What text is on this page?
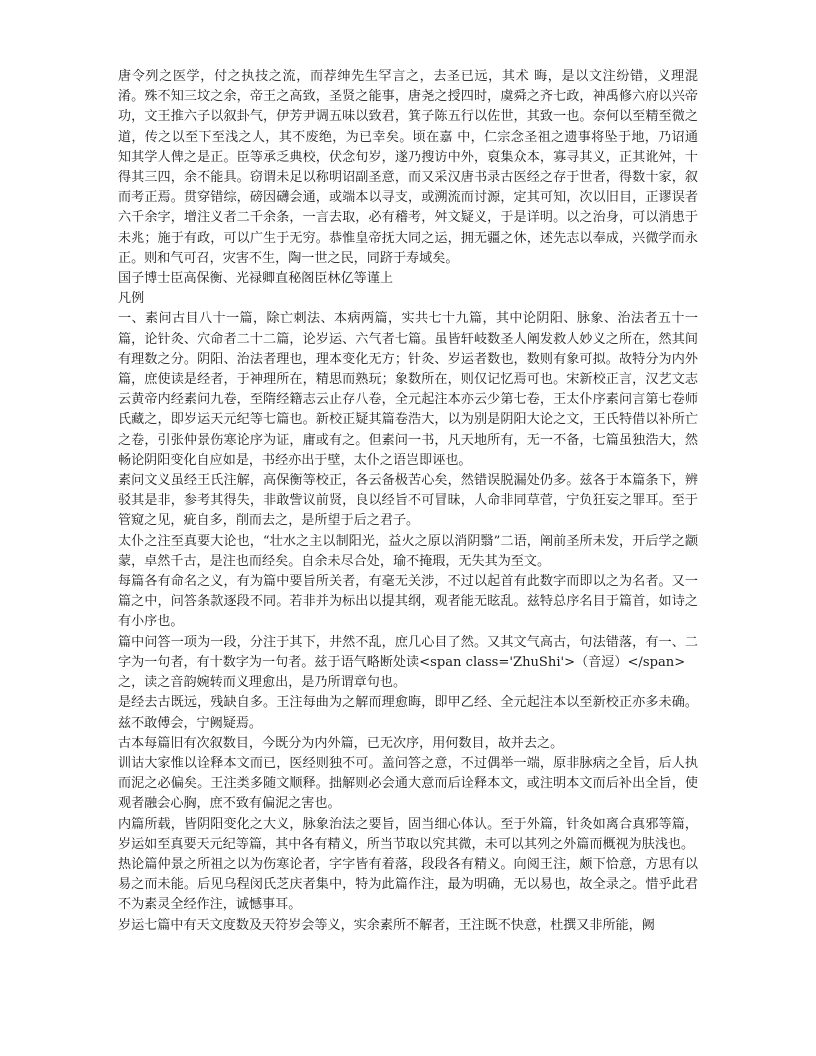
唐令列之医学，付之执技之流，而荐绅先生罕言之，去圣已远，其术 晦，是以文注纷错，义理混淆。殊不知三坟之余，帝王之高致，圣贤之能事，唐尧之授四时，虞舜之齐七政，神禹修六府以兴帝功，文王推六子以叙卦气，伊芳尹调五味以致君，箕子陈五行以佐世，其致一也。奈何以至精至微之道，传之以至下至浅之人，其不废绝，为已幸矣。顷在嘉 中，仁宗念圣祖之遗事将坠于地，乃诏通知其学人俾之是正。臣等承乏典校，伏念旬岁，遂乃搜访中外，裒集众本，寡寻其义，正其讹舛，十得其三四，余不能具。窃谓未足以称明诏副圣意，而又采汉唐书录古医经之存于世者，得数十家，叙而考正焉。贯穿错综，磅因礴会通，或端本以寻支，或溯流而讨源，定其可知，次以旧目，正谬误者六千余字，增注义者二千余条，一言去取，必有稽考，舛文疑义，于是详明。以之治身，可以消患于未兆；施于有政，可以广生于无穷。恭惟皇帝抚大同之运，拥无疆之休，述先志以奉成，兴微学而永正。则和气可召，灾害不生，陶一世之民，同跻于寿域矣。

国子博士臣高保衡、光禄卿直秘阁臣林亿等谨上

凡例

一、素问古目八十一篇，除亡刺法、本病两篇，实共七十九篇，其中论阴阳、脉象、治法者五十一篇，论针灸、穴命者二十二篇，论岁运、六气者七篇。虽皆轩岐数圣人阐发救人妙义之所在，然其间有理数之分。阴阳、治法者理也，理本变化无方；针灸、岁运者数也，数则有象可拟。故特分为内外篇，庶使读是经者，于神理所在，精思而熟玩；象数所在，则仅记忆焉可也。宋新校正言，汉艺文志云黄帝内经素问九卷，至隋经籍志云止存八卷，全元起注本亦云少第七卷，王太仆序素问言第七卷师氏藏之，即岁运天元纪等七篇也。新校正疑其篇卷浩大，以为别是阴阳大论之文，王氏特借以补所亡之卷，引张仲景伤寒论序为证，庸或有之。但素问一书，凡天地所有，无一不备，七篇虽独浩大，然畅论阴阳变化自应如是，书经亦出于壁，太仆之语岂即诬也。

素问文义虽经王氏注解，高保衡等校正，各云备极苦心矣，然错误脱漏处仍多。兹各于本篇条下，辨驳其是非，参考其得失，非敢訾议前贤，良以经旨不可冒昧，人命非同草菅，宁负狂妄之罪耳。至于管窥之见，疵自多，削而去之，是所望于后之君子。

太仆之注至真要大论也，“壮水之主以制阳光，益火之原以消阴翳”二语，阐前圣所未发，开后学之颛蒙，卓然千古，是注也而经矣。自余未尽合处，瑜不掩瑕，无失其为至文。

每篇各有命名之义，有为篇中要旨所关者，有毫无关涉，不过以起首有此数字而即以之为名者。又一篇之中，问答条款逐段不同。若非并为标出以提其纲，观者能无眩乱。兹特总序名目于篇首，如诗之有小序也。

篇中问答一项为一段，分注于其下，井然不乱，庶几心目了然。又其文气高古，句法错落，有一、二字为一句者，有十数字为一句者。兹于语气略断处读<span class='ZhuShi'>（音逗）</span>

之，读之音韵婉转而义理愈出，是乃所谓章句也。

是经去古既远，残缺自多。王注每曲为之解而理愈晦，即甲乙经、全元起注本以至新校正亦多未确。兹不敢傅会，宁阙疑焉。

古本每篇旧有次叙数目，今既分为内外篇，已无次序，用何数目，故并去之。

训诂大家惟以诠释本文而已，医经则独不可。盖问答之意，不过偶举一端，原非脉病之全旨，后人执而泥之必偏矣。王注类多随文顺释。拙解则必会通大意而后诠释本文，或注明本文而后补出全旨，使观者融会心胸，庶不致有偏泥之害也。

内篇所载，皆阴阳变化之大义，脉象治法之要旨，固当细心体认。至于外篇，针灸如离合真邪等篇，岁运如至真要天元纪等篇，其中各有精义，所当节取以究其微，未可以其列之外篇而概视为肤浅也。

热论篇仲景之所祖之以为伤寒论者，字字皆有着落，段段各有精义。向阅王注，颇下恰意，方思有以易之而未能。后见乌程闵氏芝庆者集中，特为此篇作注，最为明确，无以易也，故全录之。惜乎此君不为素灵全经作注，诚憾事耳。

岁运七篇中有天文度数及天符岁会等义，实余素所不解者，王注既不快意，杜撰又非所能，阙
